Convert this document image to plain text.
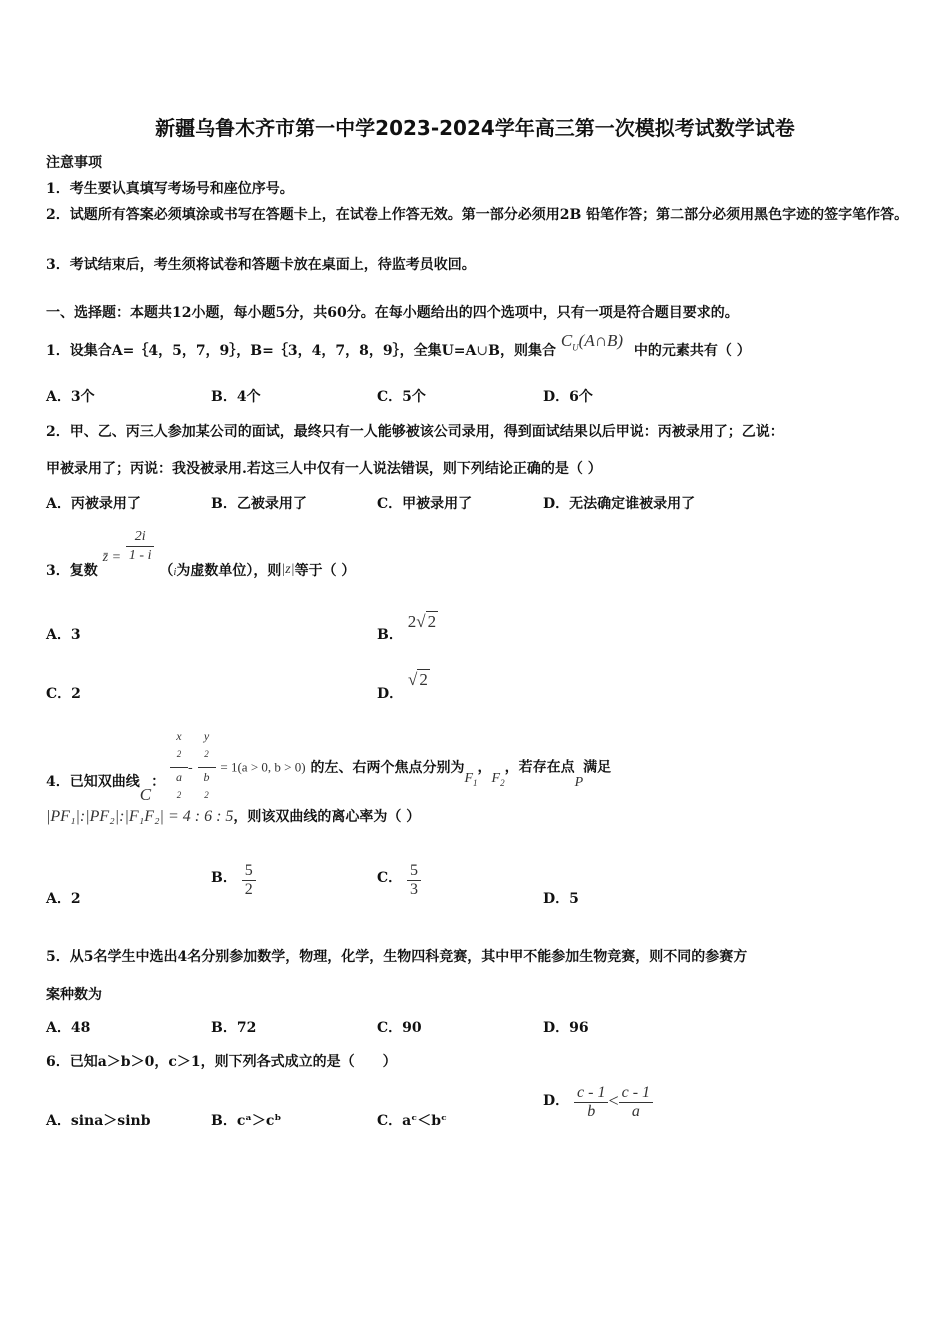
新疆乌鲁木齐市第一中学2023-2024学年高三第一次模拟考试数学试卷
注意事项
1．考生要认真填写考场号和座位序号。
2．试题所有答案必须填涂或书写在答题卡上，在试卷上作答无效。第一部分必须用2B 铅笔作答；第二部分必须用黑色字迹的签字笔作答。
3．考试结束后，考生须将试卷和答题卡放在桌面上，待监考员收回。
一、选择题：本题共12小题，每小题5分，共60分。在每小题给出的四个选项中，只有一项是符合题目要求的。
1．设集合A=｛4，5，7，9｝，B=｛3，4，7，8，9｝，全集U=A∪B，则集合 $C_U(A\cap B)$ 中的元素共有（ ）
A．3个	B．4个	C．5个	D．6个
2．甲、乙、丙三人参加某公司的面试，最终只有一人能够被该公司录用，得到面试结果以后甲说：丙被录用了；乙说：
甲被录用了；丙说：我没被录用.若这三人中仅有一人说法错误，则下列结论正确的是（ ）
A．丙被录用了	B．乙被录用了	C．甲被录用了	D．无法确定谁被录用了
3．复数 z̄ = $\frac{2i}{1 - i}$
（$_i$为虚数单位），则|z|等于（ ）
A．3	B． 2√ 2
C．2	D． √ 2
4．已知双曲线C： x
$^2$
a
$^2$ - y
$^2$
b
$^2$ = 1(a > 0, b > 0) 的左、右两个焦点分别为$F_1$，$F_2$，若存在点P满足
|PF₁|:|PF₂|:|F₁F₂| = 4 : 6 : 5，则该双曲线的离心率为（ ）
A．2
B． $\frac{5}{2}$	C． $\frac{5}{3}$	D．5
5．从5名学生中选出4名分别参加数学，物理，化学，生物四科竞赛，其中甲不能参加生物竞赛，则不同的参赛方
案种数为
A．48	B．72	C．90	D．96
6．已知a＞b＞0，c＞1，则下列各式成立的是（　　）
A．sina＞sinb	B．cᵃ＞cᵇ	C．aᶜ＜bᶜ
D． $\frac{c - 1}{b} < \frac{c - 1}{a}$
